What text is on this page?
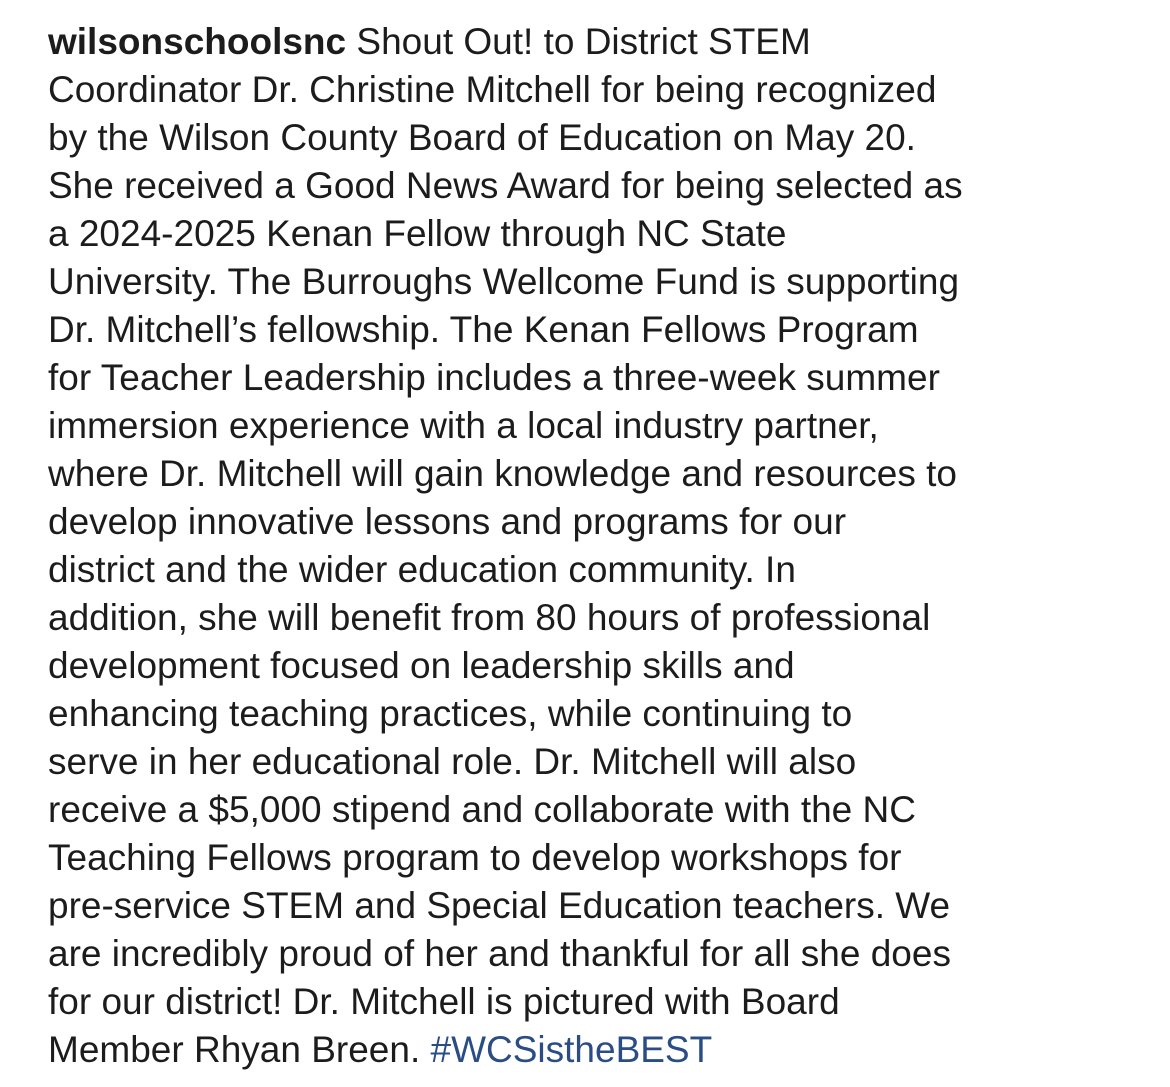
wilsonschoolsnc Shout Out! to District STEM
Coordinator Dr. Christine Mitchell for being recognized
by the Wilson County Board of Education on May 20.
She received a Good News Award for being selected as
a 2024-2025 Kenan Fellow through NC State
University. The Burroughs Wellcome Fund is supporting
Dr. Mitchell’s fellowship. The Kenan Fellows Program
for Teacher Leadership includes a three-week summer
immersion experience with a local industry partner,
where Dr. Mitchell will gain knowledge and resources to
develop innovative lessons and programs for our
district and the wider education community. In
addition, she will benefit from 80 hours of professional
development focused on leadership skills and
enhancing teaching practices, while continuing to
serve in her educational role. Dr. Mitchell will also
receive a $5,000 stipend and collaborate with the NC
Teaching Fellows program to develop workshops for
pre-service STEM and Special Education teachers. We
are incredibly proud of her and thankful for all she does
for our district! Dr. Mitchell is pictured with Board
Member Rhyan Breen. #WCSistheBEST
